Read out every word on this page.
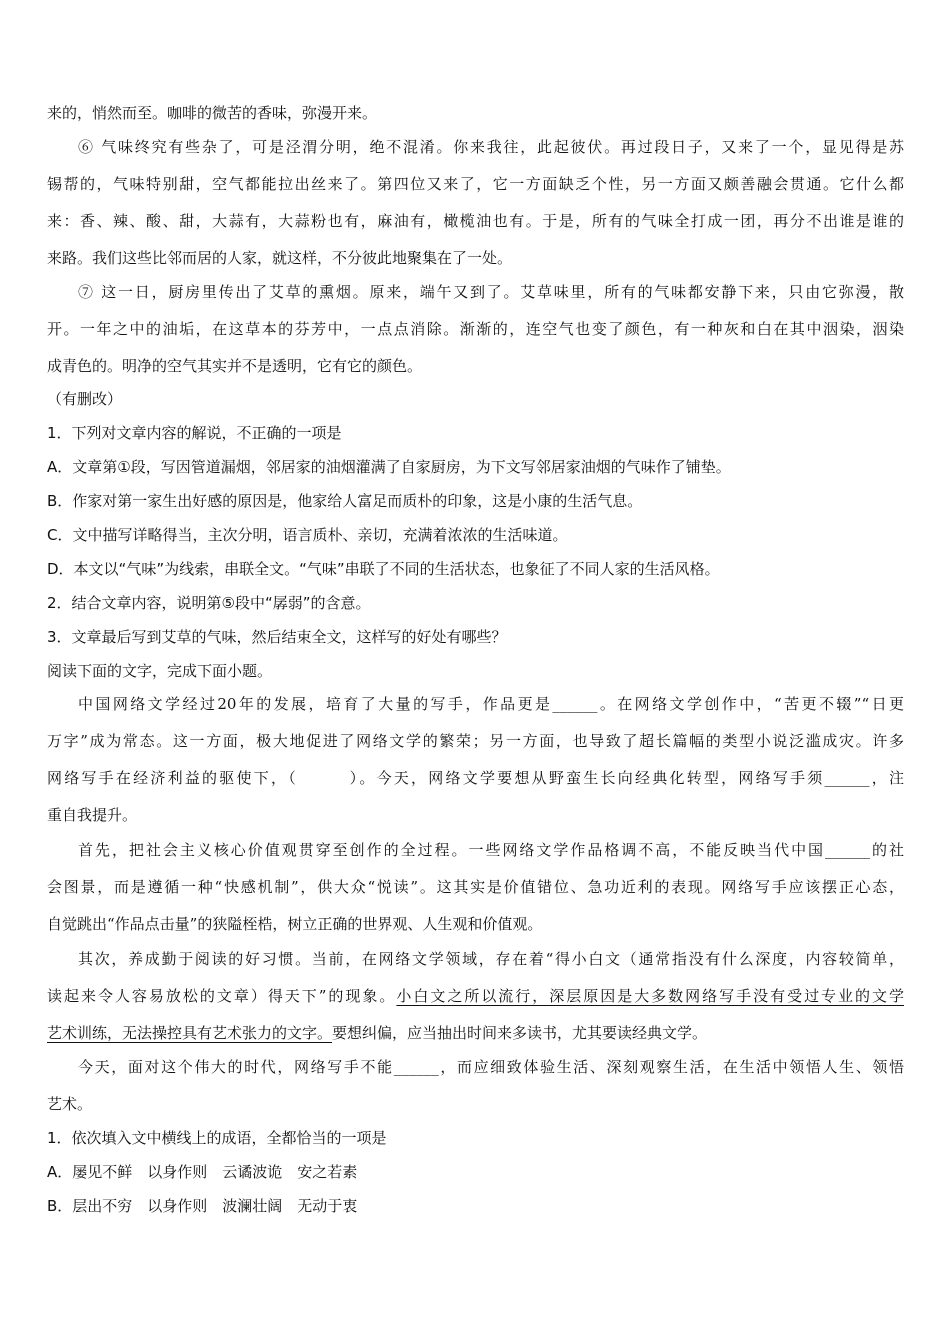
来的，悄然而至。咖啡的微苦的香味，弥漫开来。
⑥ 气味终究有些杂了，可是泾渭分明，绝不混淆。你来我往，此起彼伏。再过段日子，又来了一个，显见得是苏
锡帮的，气味特别甜，空气都能拉出丝来了。第四位又来了，它一方面缺乏个性，另一方面又颇善融会贯通。它什么都
来：香、辣、酸、甜，大蒜有，大蒜粉也有，麻油有，橄榄油也有。于是，所有的气味全打成一团，再分不出谁是谁的
来路。我们这些比邻而居的人家，就这样，不分彼此地聚集在了一处。
⑦ 这一日，厨房里传出了艾草的熏烟。原来，端午又到了。艾草味里，所有的气味都安静下来，只由它弥漫，散
开。一年之中的油垢，在这草本的芬芳中，一点点消除。渐渐的，连空气也变了颜色，有一种灰和白在其中洇染，洇染
成青色的。明净的空气其实并不是透明，它有它的颜色。
（有删改）
1．下列对文章内容的解说，不正确的一项是
A．文章第①段，写因管道漏烟，邻居家的油烟灌满了自家厨房，为下文写邻居家油烟的气味作了铺垫。
B．作家对第一家生出好感的原因是，他家给人富足而质朴的印象，这是小康的生活气息。
C．文中描写详略得当，主次分明，语言质朴、亲切，充满着浓浓的生活味道。
D．本文以“气味”为线索，串联全文。“气味”串联了不同的生活状态，也象征了不同人家的生活风格。
2．结合文章内容，说明第⑤段中“孱弱”的含意。
3．文章最后写到艾草的气味，然后结束全文，这样写的好处有哪些？
阅读下面的文字，完成下面小题。
中国网络文学经过20年的发展，培育了大量的写手，作品更是______。在网络文学创作中，“苦更不辍”“日更
万字”成为常态。这一方面，极大地促进了网络文学的繁荣；另一方面，也导致了超长篇幅的类型小说泛滥成灾。许多
网络写手在经济利益的驱使下，（　　　）。今天，网络文学要想从野蛮生长向经典化转型，网络写手须______，注
重自我提升。
首先，把社会主义核心价值观贯穿至创作的全过程。一些网络文学作品格调不高，不能反映当代中国______的社
会图景，而是遵循一种“快感机制”，供大众“悦读”。这其实是价值错位、急功近利的表现。网络写手应该摆正心态，
自觉跳出“作品点击量”的狭隘桎梏，树立正确的世界观、人生观和价值观。
其次，养成勤于阅读的好习惯。当前，在网络文学领域，存在着“得小白文（通常指没有什么深度，内容较简单，
读起来令人容易放松的文章）得天下”的现象。小白文之所以流行，深层原因是大多数网络写手没有受过专业的文学
艺术训练，无法操控具有艺术张力的文字。要想纠偏，应当抽出时间来多读书，尤其要读经典文学。
今天，面对这个伟大的时代，网络写手不能______，而应细致体验生活、深刻观察生活，在生活中领悟人生、领悟
艺术。
1．依次填入文中横线上的成语，全都恰当的一项是
A．屡见不鲜　以身作则　云谲波诡　安之若素
B．层出不穷　以身作则　波澜壮阔　无动于衷
